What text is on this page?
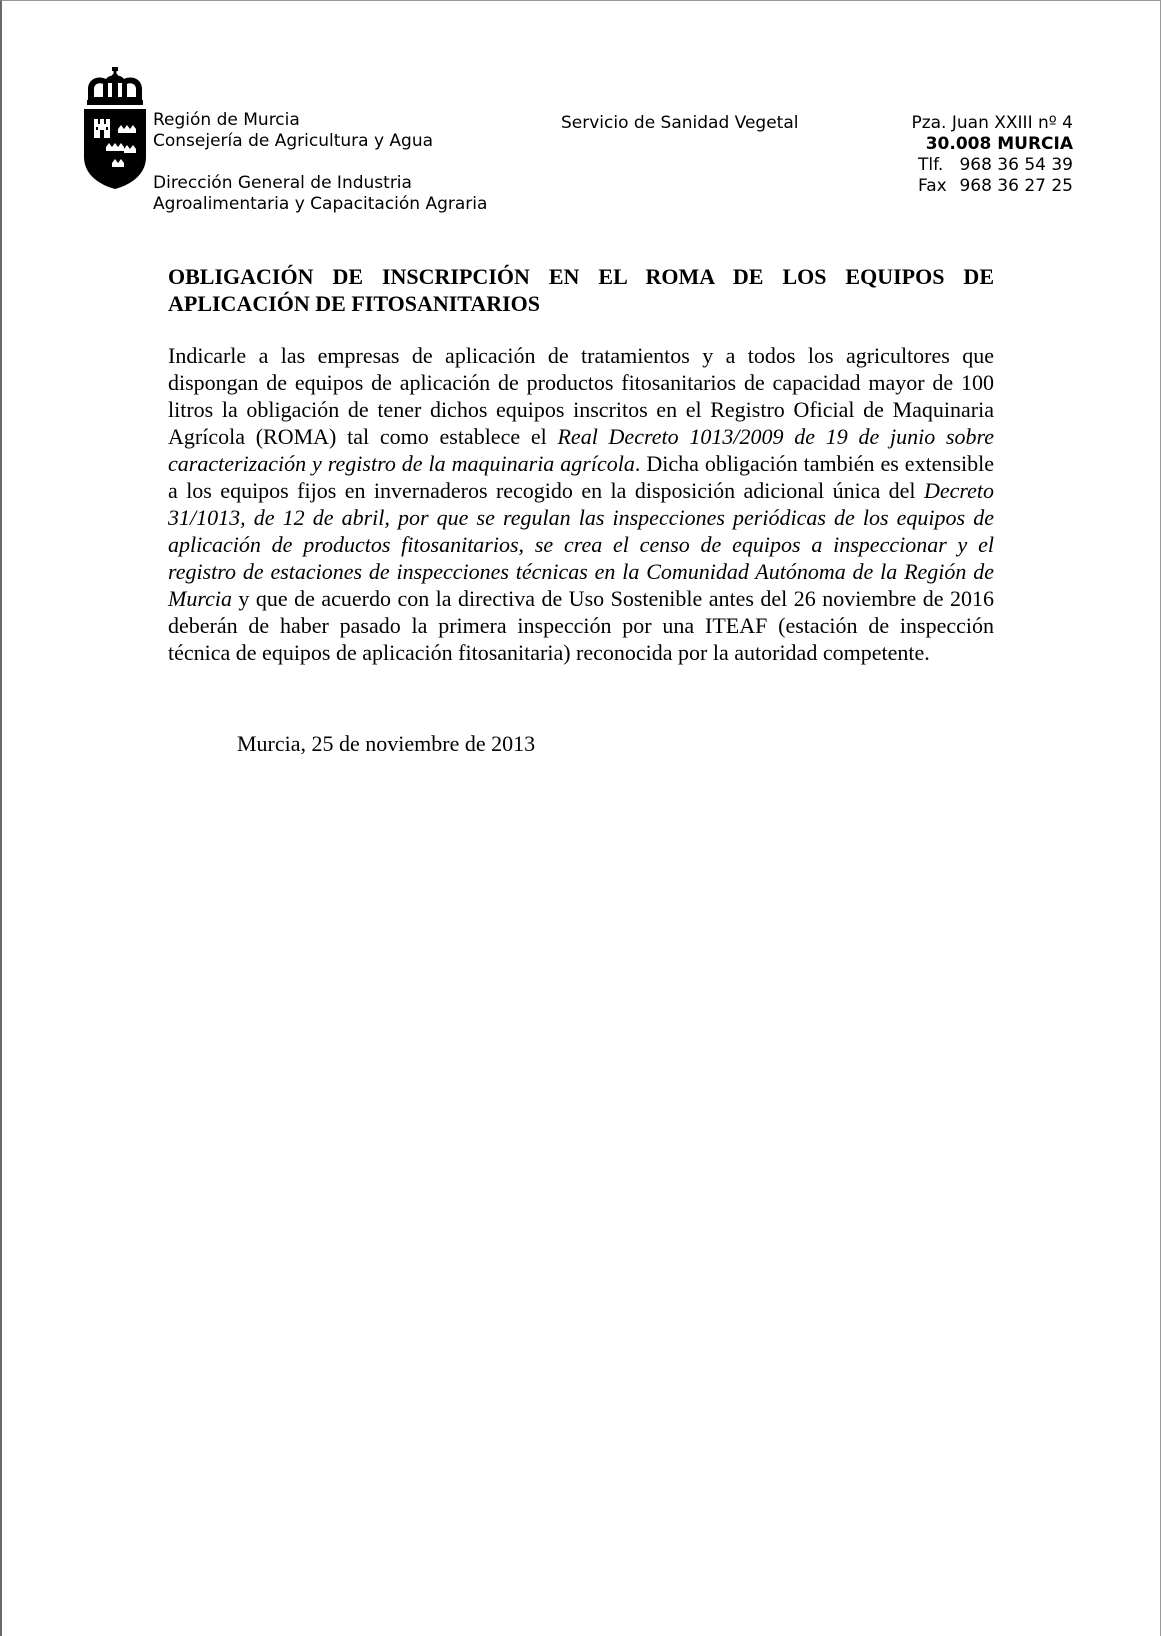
Región de Murcia
Consejería de Agricultura y Agua
Dirección General de Industria
Agroalimentaria y Capacitación Agraria
Servicio de Sanidad Vegetal	Pza. Juan XXIII nº 4
30.008 MURCIA
Tlf. 968 36 54 39
Fax 968 36 27 25
OBLIGACIÓN DE INSCRIPCIÓN EN EL ROMA DE LOS EQUIPOS DE APLICACIÓN DE FITOSANITARIOS

Indicarle a las empresas de aplicación de tratamientos y a todos los agricultores que dispongan de equipos de aplicación de productos fitosanitarios de capacidad mayor de 100 litros la obligación de tener dichos equipos inscritos en el Registro Oficial de Maquinaria Agrícola (ROMA) tal como establece el Real Decreto 1013/2009 de 19 de junio sobre caracterización y registro de la maquinaria agrícola. Dicha obligación también es extensible a los equipos fijos en invernaderos recogido en la disposición adicional única del Decreto 31/1013, de 12 de abril, por que se regulan las inspecciones periódicas de los equipos de aplicación de productos fitosanitarios, se crea el censo de equipos a inspeccionar y el registro de estaciones de inspecciones técnicas en la Comunidad Autónoma de la Región de Murcia y que de acuerdo con la directiva de Uso Sostenible antes del 26 noviembre de 2016 deberán de haber pasado la primera inspección por una ITEAF (estación de inspección técnica de equipos de aplicación fitosanitaria) reconocida por la autoridad competente.

Murcia, 25 de noviembre de 2013
